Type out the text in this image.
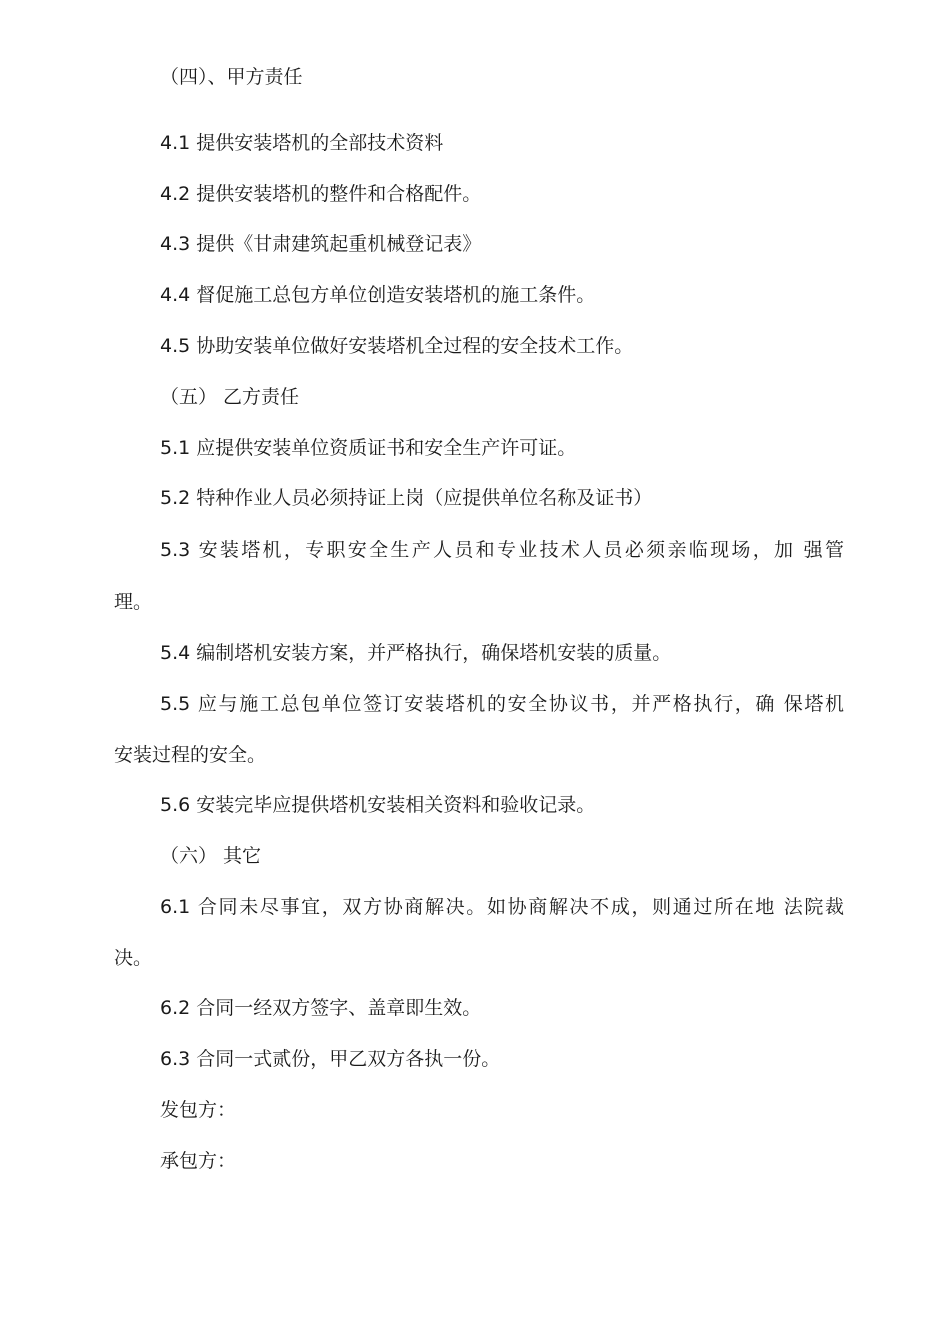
（四）、甲方责任
4.1 提供安装塔机的全部技术资料
4.2 提供安装塔机的整件和合格配件。
4.3 提供《甘肃建筑起重机械登记表》
4.4 督促施工总包方单位创造安装塔机的施工条件。
4.5 协助安装单位做好安装塔机全过程的安全技术工作。
（五） 乙方责任
5.1 应提供安装单位资质证书和安全生产许可证。
5.2 特种作业人员必须持证上岗（应提供单位名称及证书）
5.3 安装塔机，专职安全生产人员和专业技术人员必须亲临现场，加 强管
理。
5.4 编制塔机安装方案，并严格执行，确保塔机安装的质量。
5.5 应与施工总包单位签订安装塔机的安全协议书，并严格执行，确 保塔机
安装过程的安全。
5.6 安装完毕应提供塔机安装相关资料和验收记录。
（六） 其它
6.1 合同未尽事宜，双方协商解决。如协商解决不成，则通过所在地 法院裁
决。
6.2 合同一经双方签字、盖章即生效。
6.3 合同一式贰份，甲乙双方各执一份。
发包方：
承包方：
